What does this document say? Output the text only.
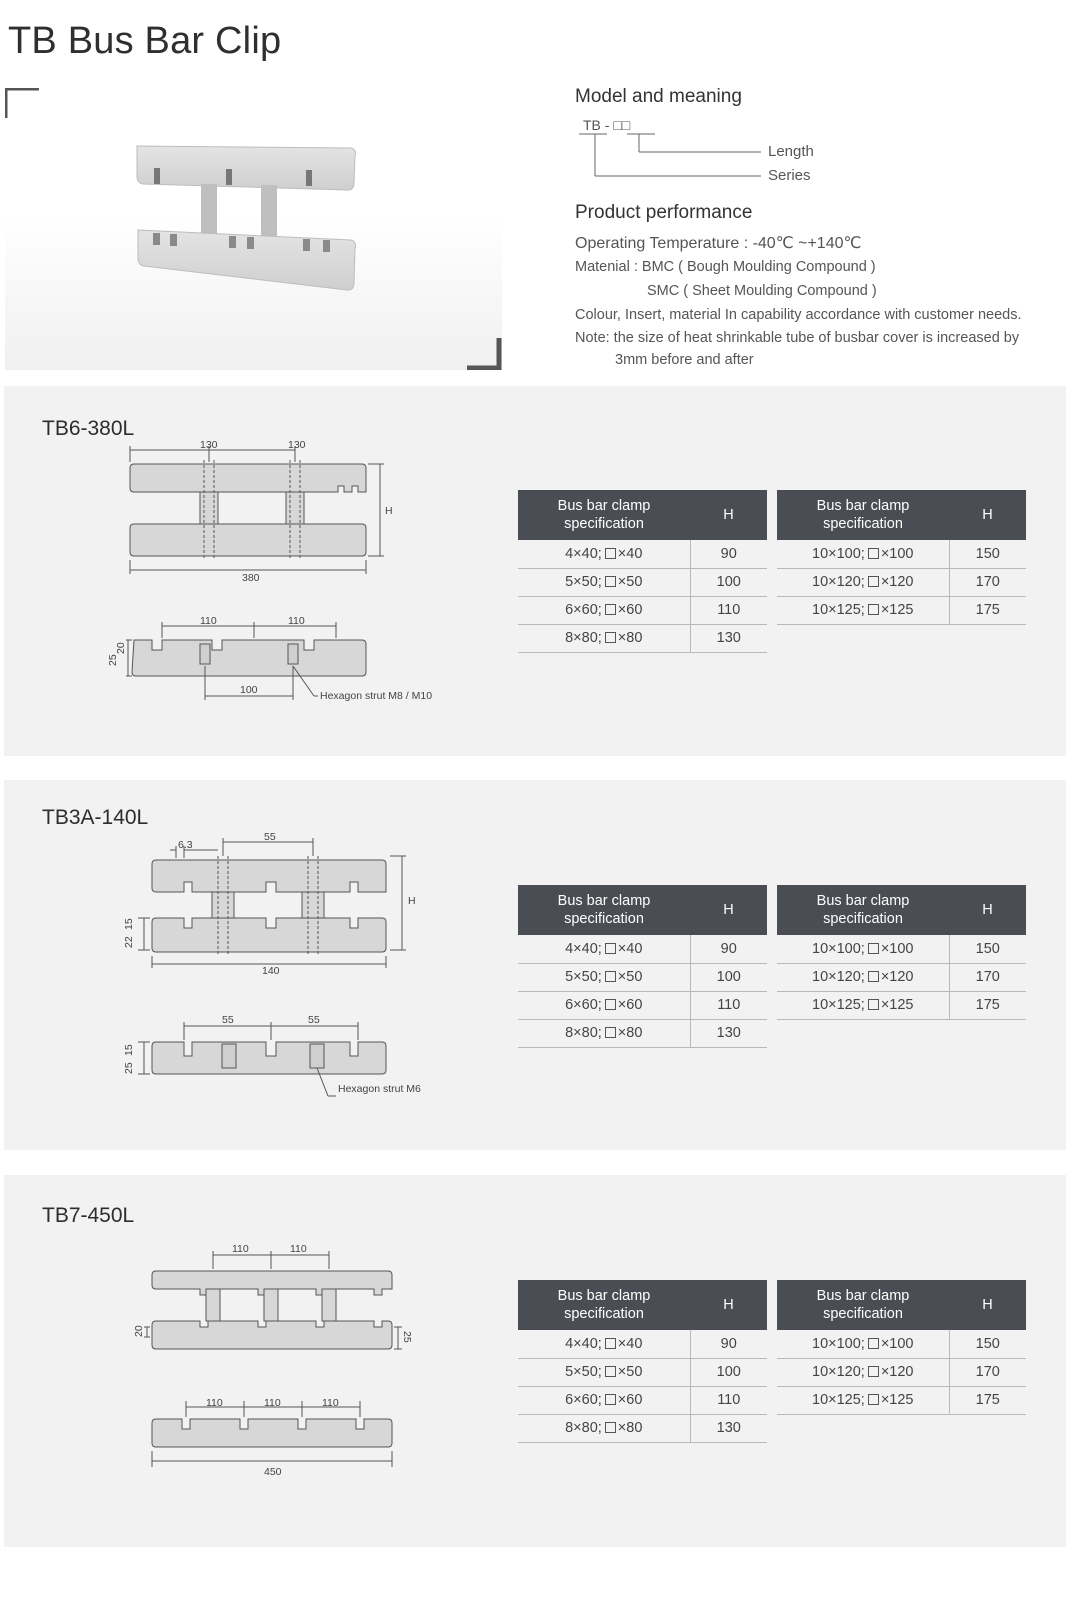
TB Bus Bar Clip
Model and meaning
TB - □□
Length
Series
Product performance
Operating Temperature : -40℃ ~+140℃
Matenial : BMC ( Bough Moulding Compound )
SMC ( Sheet Moulding Compound )
Colour, Insert, material In capability accordance with customer needs.
Note: the size of heat shrinkable tube of busbar cover is increased by
3mm before and after
TB6-380L
130	130
380
H
110	110
100	Hexagon strut M8 / M10
25
20
Bus bar clamp specification	H
4×40; ×40	90
5×50; ×50	100
6×60; ×60	110
8×80; ×80	130
Bus bar clamp specification	H
10×100; ×100	150
10×120; ×120	170
10×125; ×125	175
TB3A-140L
6.3
55
140
H
22
15
55	55
Hexagon strut M6
25
15
Bus bar clamp specification	H
4×40; ×40	90
5×50; ×50	100
6×60; ×60	110
8×80; ×80	130
Bus bar clamp specification	H
10×100; ×100	150
10×120; ×120	170
10×125; ×125	175
TB7-450L
110	110
20	25
110	110	110
450
Bus bar clamp specification	H
4×40; ×40	90
5×50; ×50	100
6×60; ×60	110
8×80; ×80	130
Bus bar clamp specification	H
10×100; ×100	150
10×120; ×120	170
10×125; ×125	175
